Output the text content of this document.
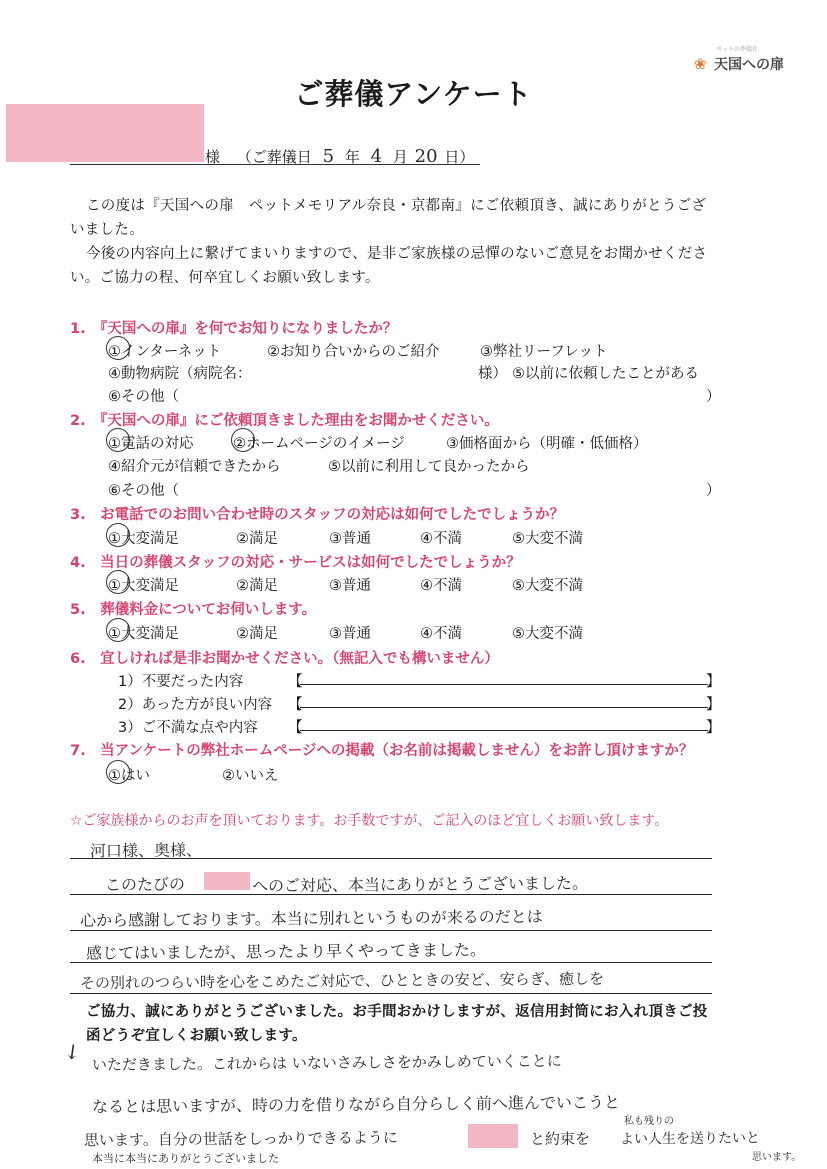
ペットの葬儀社
❀ 天国への扉
ご葬儀アンケート
様 （ご葬儀日 5 年 4 月 20 日）
この度は『天国への扉　ペットメモリアル奈良・京都南』にご依頼頂き、誠にありがとうござ
いました。
今後の内容向上に繋げてまいりますので、是非ご家族様の忌憚のないご意見をお聞かせくださ
い。ご協力の程、何卒宜しくお願い致します。
1.　『天国への扉』を何でお知りになりましたか？
①インターネット	②お知り合いからのご紹介	③弊社リーフレット
④動物病院（病院名：	様） ⑤以前に依頼したことがある
⑥その他（	）
2.　『天国への扉』にご依頼頂きました理由をお聞かせください。
①電話の対応	②ホームページのイメージ	③価格面から（明確・低価格）
④紹介元が信頼できたから	⑤以前に利用して良かったから
⑥その他（	）
3.　お電話でのお問い合わせ時のスタッフの対応は如何でしたでしょうか？
①大変満足	②満足	③普通	④不満	⑤大変不満
4.　当日の葬儀スタッフの対応・サービスは如何でしたでしょうか？
①大変満足	②満足	③普通	④不満	⑤大変不満
5.　葬儀料金についてお伺いします。
①大変満足	②満足	③普通	④不満	⑤大変不満
6.　宜しければ是非お聞かせください。（無記入でも構いません）
1）不要だった内容	【	】
2）あった方が良い内容 【	】
3）ご不満な点や内容 【	】
7.　当アンケートの弊社ホームページへの掲載（お名前は掲載しません）をお許し頂けますか？
①はい	②いいえ
☆ご家族様からのお声を頂いております。お手数ですが、ご記入のほど宜しくお願い致します。
河口様、奥様、
このたびの	へのご対応、本当にありがとうございました。
心から感謝しております。本当に別れというものが来るのだとは
感じてはいましたが、思ったより早くやってきました。
その別れのつらい時を心をこめたご対応で、ひとときの安ど、安らぎ、癒しを
ご協力、誠にありがとうございました。お手間おかけしますが、返信用封筒にお入れ頂きご投
函どうぞ宜しくお願い致します。
↓ いただきました。これからは いないさみしさをかみしめていくことに
なるとは思いますが、時の力を借りながら自分らしく前へ進んでいこうと
思います。自分の世話をしっかりできるように	と約束を
私も残りの
よい人生を送りたいと
思います。
本当に本当にありがとうございました
